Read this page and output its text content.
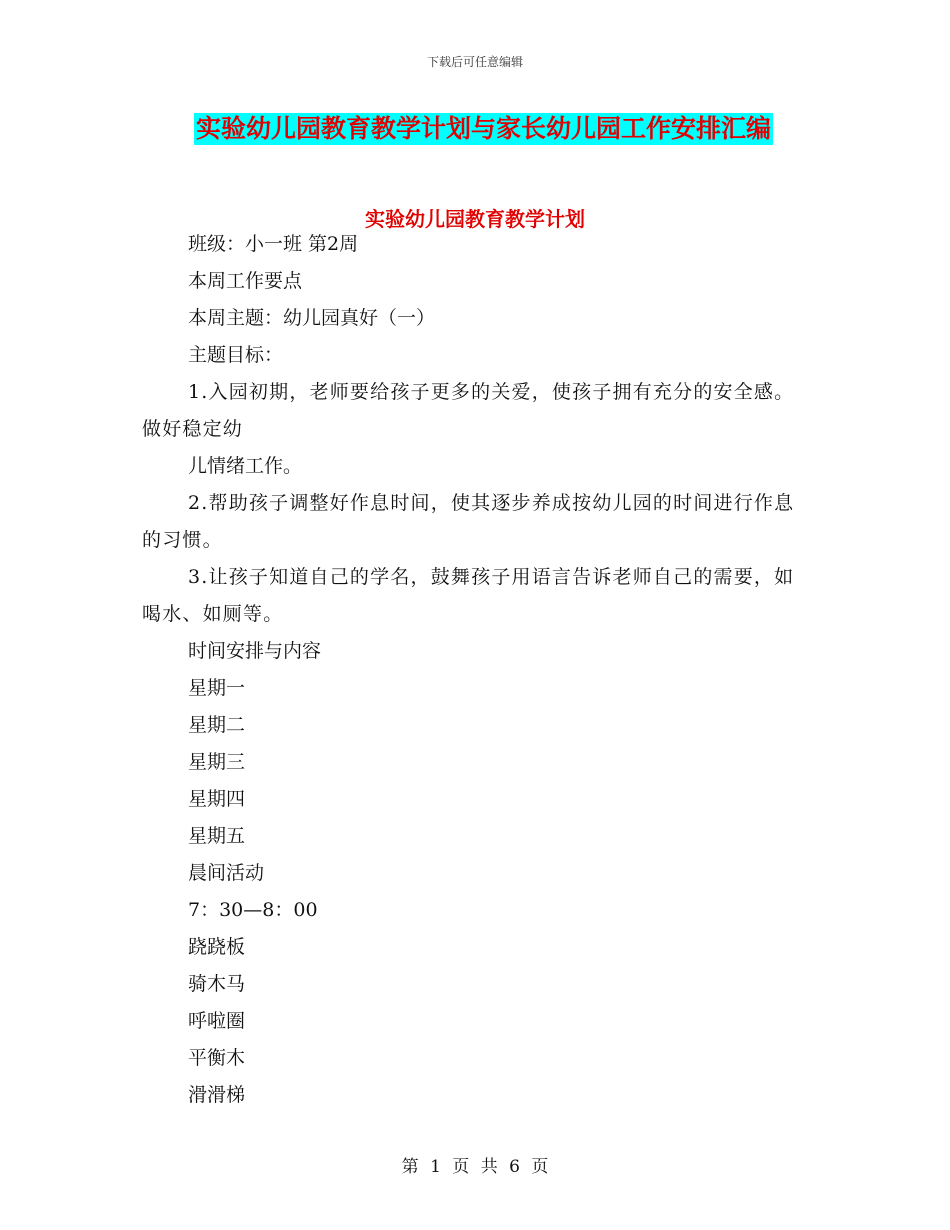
下载后可任意编辑
实验幼儿园教育教学计划与家长幼儿园工作安排汇编
实验幼儿园教育教学计划

班级：小一班 第2周

本周工作要点

本周主题：幼儿园真好（一）

主题目标：

1.入园初期，老师要给孩子更多的关爱，使孩子拥有充分的安全感。做好稳定幼

儿情绪工作。

2.帮助孩子调整好作息时间，使其逐步养成按幼儿园的时间进行作息的习惯。

3.让孩子知道自己的学名，鼓舞孩子用语言告诉老师自己的需要，如喝水、如厕等。

时间安排与内容

星期一

星期二

星期三

星期四

星期五

晨间活动

7：30—8：00

跷跷板

骑木马

呼啦圈

平衡木

滑滑梯

第 1 页 共 6 页
